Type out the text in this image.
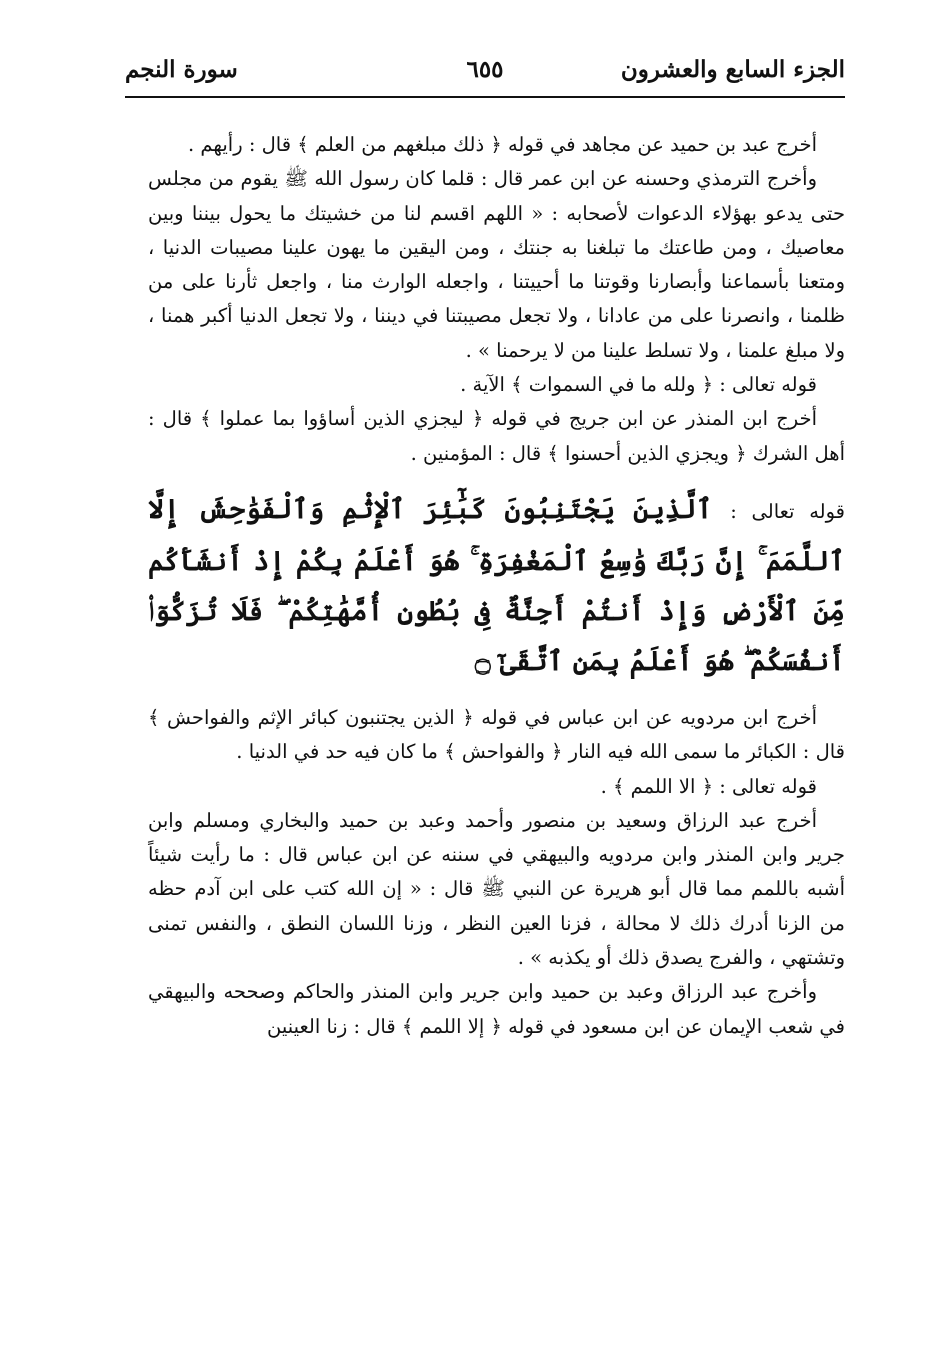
الجزء السابع والعشرون
٦٥٥
سورة النجم

أخرج عبد بن حميد عن مجاهد في قوله ﴿ ذلك مبلغهم من العلم ﴾ قال : رأيهم .

وأخرج الترمذي وحسنه عن ابن عمر قال : قلما كان رسول الله ﷺ يقوم من مجلس حتى يدعو بهؤلاء الدعوات لأصحابه : « اللهم اقسم لنا من خشيتك ما يحول بيننا وبين معاصيك ، ومن طاعتك ما تبلغنا به جنتك ، ومن اليقين ما يهون علينا مصيبات الدنيا ، ومتعنا بأسماعنا وأبصارنا وقوتنا ما أحييتنا ، واجعله الوارث منا ، واجعل ثأرنا على من ظلمنا ، وانصرنا على من عادانا ، ولا تجعل مصيبتنا في ديننا ، ولا تجعل الدنيا أكبر همنا ، ولا مبلغ علمنا ، ولا تسلط علينا من لا يرحمنا » .

قوله تعالى : ﴿ ولله ما في السموات ﴾ الآية .

أخرج ابن المنذر عن ابن جريج في قوله ﴿ ليجزي الذين أساؤوا بما عملوا ﴾ قال : أهل الشرك ﴿ ويجزي الذين أحسنوا ﴾ قال : المؤمنين .

قوله تعالى : ٱلَّذِينَ يَجْتَنِبُونَ كَبَٰٓئِرَ ٱلْإِثْمِ وَٱلْفَوَٰحِشَ إِلَّا ٱللَّمَمَ ۚ إِنَّ رَبَّكَ وَٰسِعُ ٱلْمَغْفِرَةِ ۚ هُوَ أَعْلَمُ بِكُمْ إِذْ أَنشَأَكُم مِّنَ ٱلْأَرْضِ وَإِذْ أَنتُمْ أَجِنَّةٌ فِى بُطُونِ أُمَّهَٰتِكُمْ ۖ فَلَا تُزَكُّوٓا۟ أَنفُسَكُمْ ۖ هُوَ أَعْلَمُ بِمَنِ ٱتَّقَىٰٓ ۝

أخرج ابن مردويه عن ابن عباس في قوله ﴿ الذين يجتنبون كبائر الإثم والفواحش ﴾ قال : الكبائر ما سمى الله فيه النار ﴿ والفواحش ﴾ ما كان فيه حد في الدنيا .

قوله تعالى : ﴿ الا اللمم ﴾ .

أخرج عبد الرزاق وسعيد بن منصور وأحمد وعبد بن حميد والبخاري ومسلم وابن جرير وابن المنذر وابن مردويه والبيهقي في سننه عن ابن عباس قال : ما رأيت شيئاً أشبه باللمم مما قال أبو هريرة عن النبي ﷺ قال : « إن الله كتب على ابن آدم حظه من الزنا أدرك ذلك لا محالة ، فزنا العين النظر ، وزنا اللسان النطق ، والنفس تمنى وتشتهي ، والفرج يصدق ذلك أو يكذبه » .

وأخرج عبد الرزاق وعبد بن حميد وابن جرير وابن المنذر والحاكم وصححه والبيهقي في شعب الإيمان عن ابن مسعود في قوله ﴿ إلا اللمم ﴾ قال : زنا العينين
